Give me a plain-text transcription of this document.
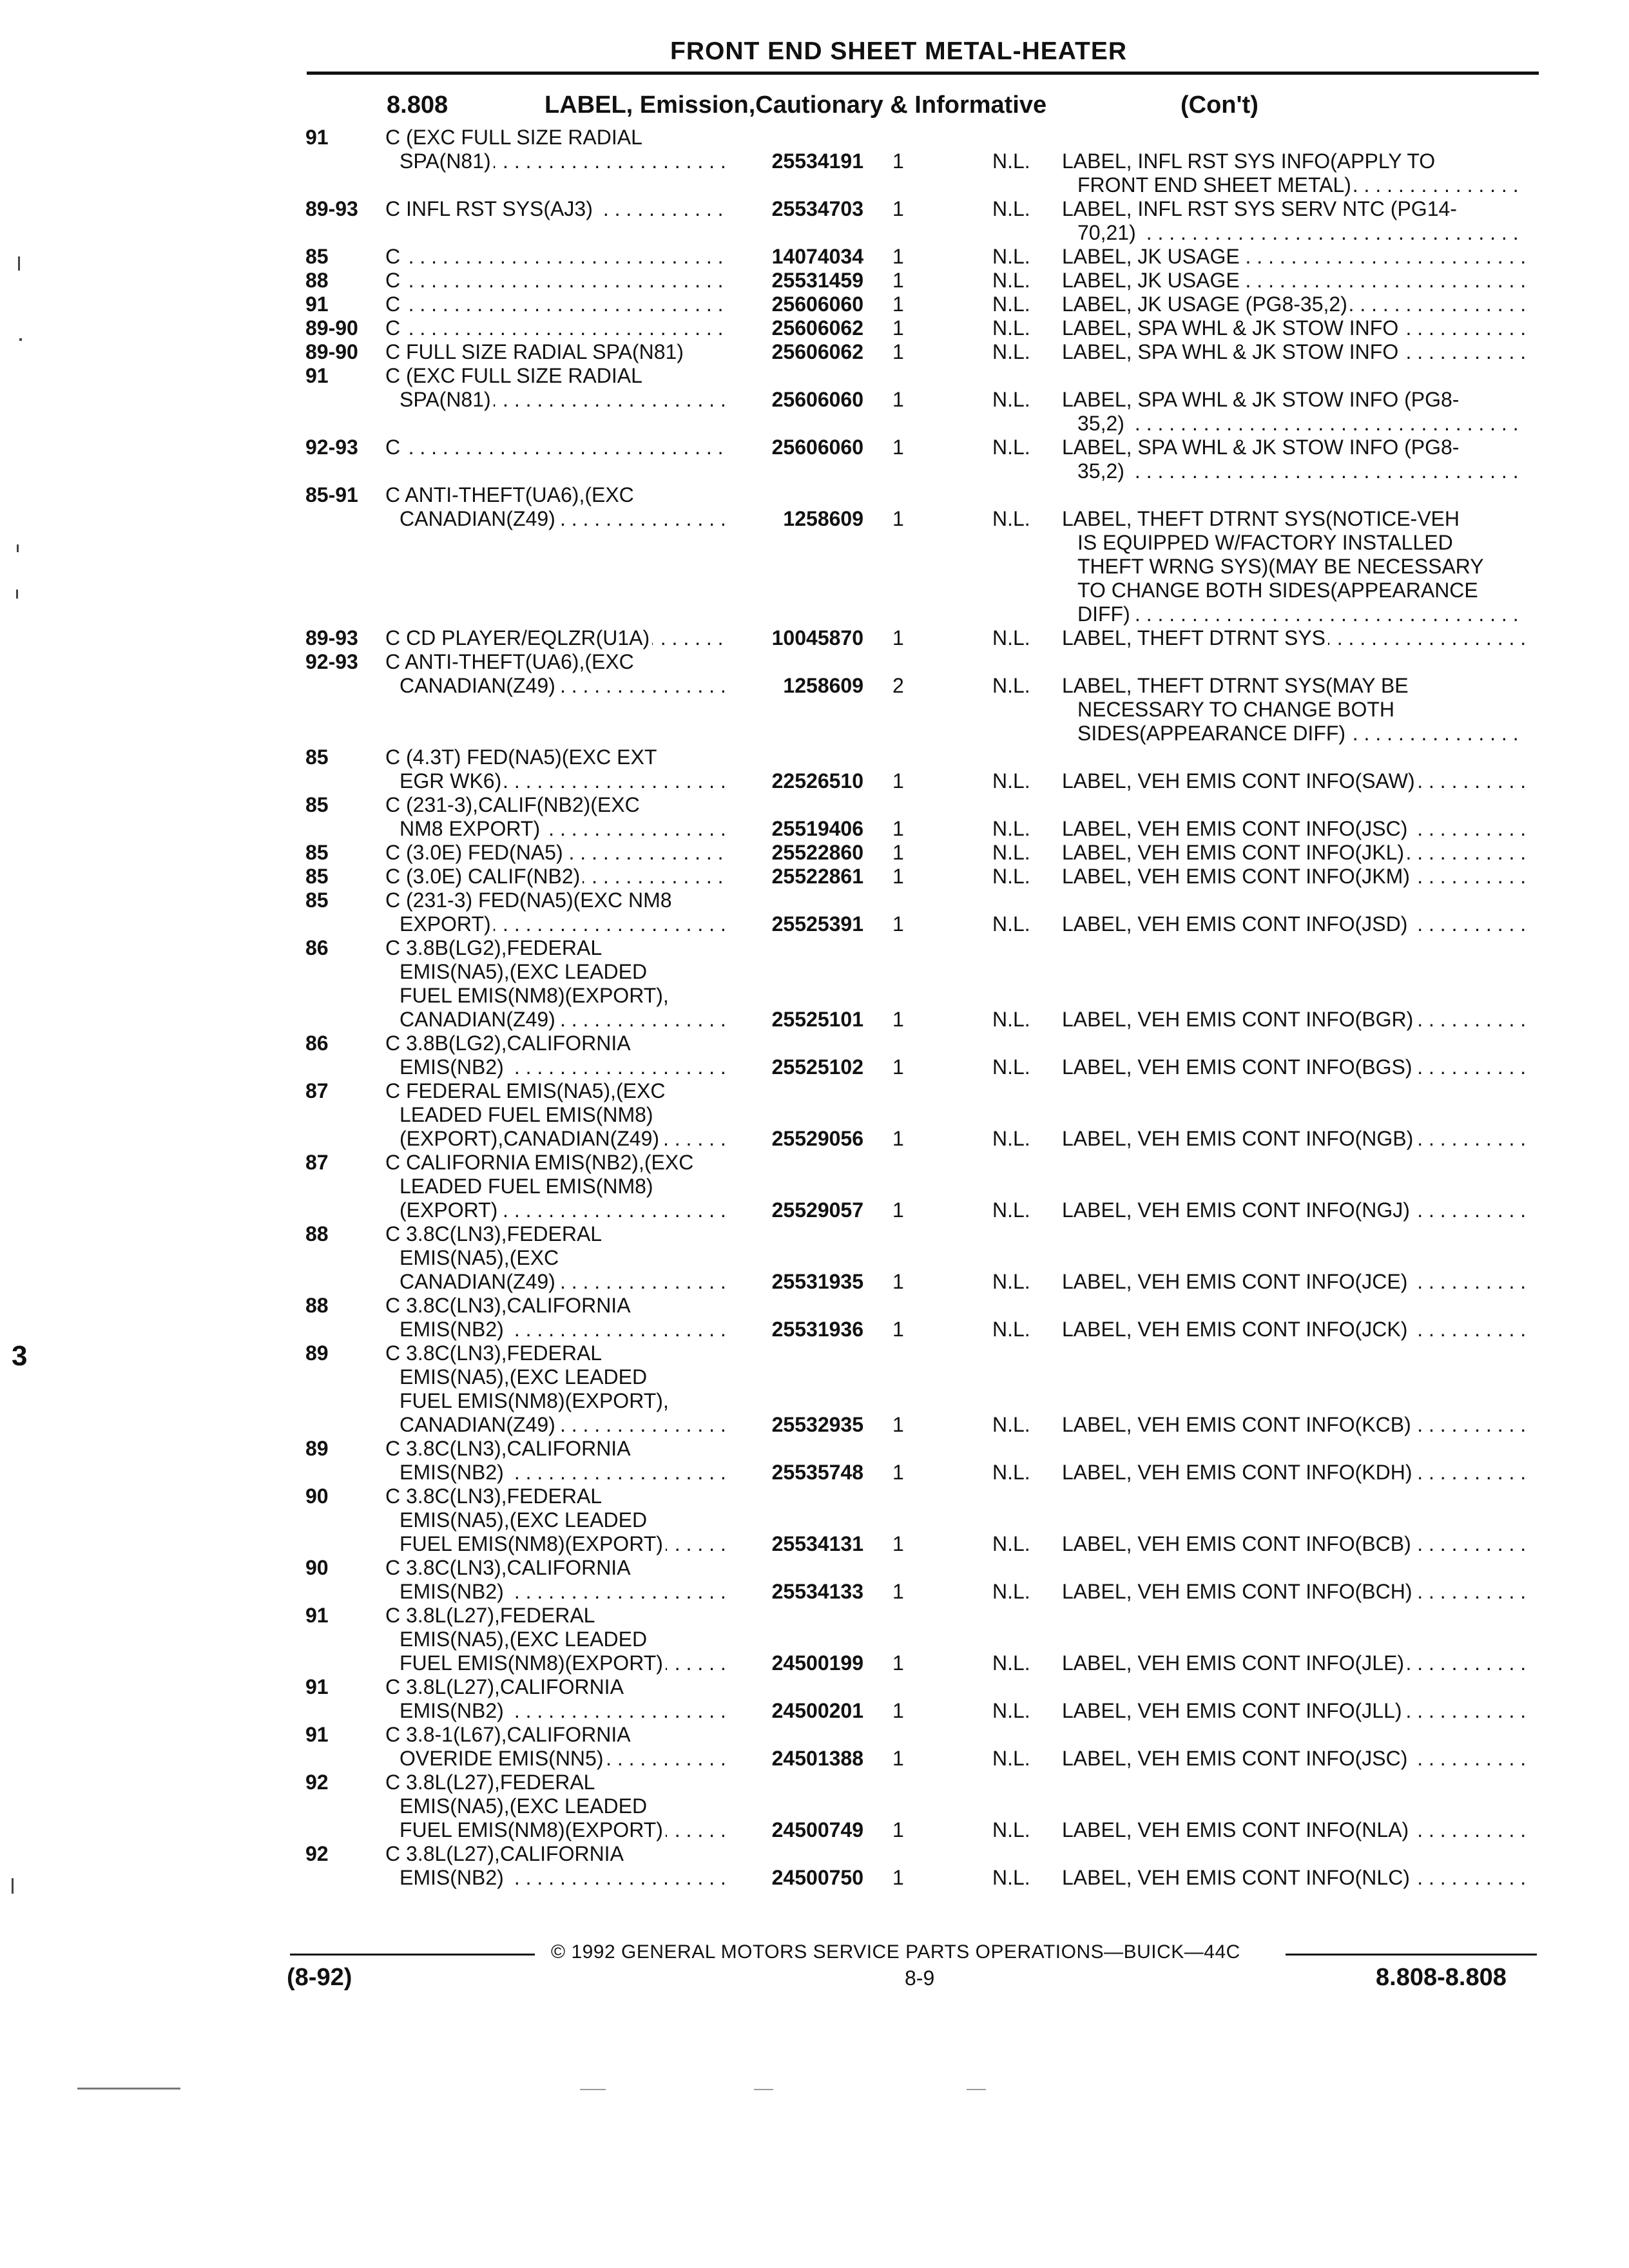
FRONT END SHEET METAL-HEATER
8.808	LABEL, Emission,Cautionary & Informative	(Con't)
91	C (EXC FULL SIZE RADIAL
SPA(N81) . . .	25534191 1	N.L. LABEL, INFL RST SYS INFO(APPLY TO
FRONT END SHEET METAL) . . .
89-93 C INFL RST SYS(AJ3) . . .	25534703 1	N.L. LABEL, INFL RST SYS SERV NTC (PG14-
70,21) . . .
85	C . . .	14074034 1	N.L. LABEL, JK USAGE . . .
88	C . . .	25531459 1	N.L. LABEL, JK USAGE . . .
91	C . . .	25606060 1	N.L. LABEL, JK USAGE (PG8-35,2) . . .
89-90 C . . .	25606062 1	N.L. LABEL, SPA WHL & JK STOW INFO . . .
89-90 C FULL SIZE RADIAL SPA(N81)	25606062 1	N.L. LABEL, SPA WHL & JK STOW INFO . . .
91	C (EXC FULL SIZE RADIAL
SPA(N81) . . .	25606060 1	N.L. LABEL, SPA WHL & JK STOW INFO (PG8-
35,2) . . .
92-93 C . . .	25606060 1	N.L. LABEL, SPA WHL & JK STOW INFO (PG8-
35,2) . . .
85-91 C ANTI-THEFT(UA6),(EXC
CANADIAN(Z49) . . .	1258609 1	N.L. LABEL, THEFT DTRNT SYS(NOTICE-VEH
IS EQUIPPED W/FACTORY INSTALLED
THEFT WRNG SYS)(MAY BE NECESSARY
TO CHANGE BOTH SIDES(APPEARANCE
DIFF) . . .
89-93 C CD PLAYER/EQLZR(U1A) . . .	10045870 1	N.L. LABEL, THEFT DTRNT SYS . . .
92-93 C ANTI-THEFT(UA6),(EXC
CANADIAN(Z49) . . .	1258609 2	N.L. LABEL, THEFT DTRNT SYS(MAY BE
NECESSARY TO CHANGE BOTH
SIDES(APPEARANCE DIFF) . . .
85	C (4.3T) FED(NA5)(EXC EXT
EGR WK6) . . .	22526510 1	N.L. LABEL, VEH EMIS CONT INFO(SAW) . . .
85	C (231-3),CALIF(NB2)(EXC
NM8 EXPORT) . . .	25519406 1	N.L. LABEL, VEH EMIS CONT INFO(JSC) . . .
85	C (3.0E) FED(NA5) . . .	25522860 1	N.L. LABEL, VEH EMIS CONT INFO(JKL) . . .
85	C (3.0E) CALIF(NB2) . . .	25522861 1	N.L. LABEL, VEH EMIS CONT INFO(JKM) . . .
85	C (231-3) FED(NA5)(EXC NM8
EXPORT) . . .	25525391 1	N.L. LABEL, VEH EMIS CONT INFO(JSD) . . .
86	C 3.8B(LG2),FEDERAL
EMIS(NA5),(EXC LEADED
FUEL EMIS(NM8)(EXPORT),
CANADIAN(Z49) . . .	25525101 1	N.L. LABEL, VEH EMIS CONT INFO(BGR) . . .
86	C 3.8B(LG2),CALIFORNIA
EMIS(NB2) . . .	25525102 1	N.L. LABEL, VEH EMIS CONT INFO(BGS) . . .
87	C FEDERAL EMIS(NA5),(EXC
LEADED FUEL EMIS(NM8)
(EXPORT),CANADIAN(Z49) . . .	25529056 1	N.L. LABEL, VEH EMIS CONT INFO(NGB) . . .
87	C CALIFORNIA EMIS(NB2),(EXC
LEADED FUEL EMIS(NM8)
(EXPORT) . . .	25529057 1	N.L. LABEL, VEH EMIS CONT INFO(NGJ) . . .
88	C 3.8C(LN3),FEDERAL
EMIS(NA5),(EXC
CANADIAN(Z49) . . .	25531935 1	N.L. LABEL, VEH EMIS CONT INFO(JCE) . . .
88	C 3.8C(LN3),CALIFORNIA
EMIS(NB2) . . .	25531936 1	N.L. LABEL, VEH EMIS CONT INFO(JCK) . . .
89	C 3.8C(LN3),FEDERAL
EMIS(NA5),(EXC LEADED
FUEL EMIS(NM8)(EXPORT),
CANADIAN(Z49) . . .	25532935 1	N.L. LABEL, VEH EMIS CONT INFO(KCB) . . .
89	C 3.8C(LN3),CALIFORNIA
EMIS(NB2) . . .	25535748 1	N.L. LABEL, VEH EMIS CONT INFO(KDH) . . .
90	C 3.8C(LN3),FEDERAL
EMIS(NA5),(EXC LEADED
FUEL EMIS(NM8)(EXPORT) . . .	25534131 1	N.L. LABEL, VEH EMIS CONT INFO(BCB) . . .
90	C 3.8C(LN3),CALIFORNIA
EMIS(NB2) . . .	25534133 1	N.L. LABEL, VEH EMIS CONT INFO(BCH) . . .
91	C 3.8L(L27),FEDERAL
EMIS(NA5),(EXC LEADED
FUEL EMIS(NM8)(EXPORT) . . .	24500199 1	N.L. LABEL, VEH EMIS CONT INFO(JLE) . . .
91	C 3.8L(L27),CALIFORNIA
EMIS(NB2) . . .	24500201 1	N.L. LABEL, VEH EMIS CONT INFO(JLL) . . .
91	C 3.8-1(L67),CALIFORNIA
OVERIDE EMIS(NN5) . . .	24501388 1	N.L. LABEL, VEH EMIS CONT INFO(JSC) . . .
92	C 3.8L(L27),FEDERAL
EMIS(NA5),(EXC LEADED
FUEL EMIS(NM8)(EXPORT) . . .	24500749 1	N.L. LABEL, VEH EMIS CONT INFO(NLA) . . .
92	C 3.8L(L27),CALIFORNIA
EMIS(NB2) . . .	24500750 1	N.L. LABEL, VEH EMIS CONT INFO(NLC) . . .
© 1992 GENERAL MOTORS SERVICE PARTS OPERATIONS—BUICK—44C
(8-92)	8-9	8.808-8.808
3
